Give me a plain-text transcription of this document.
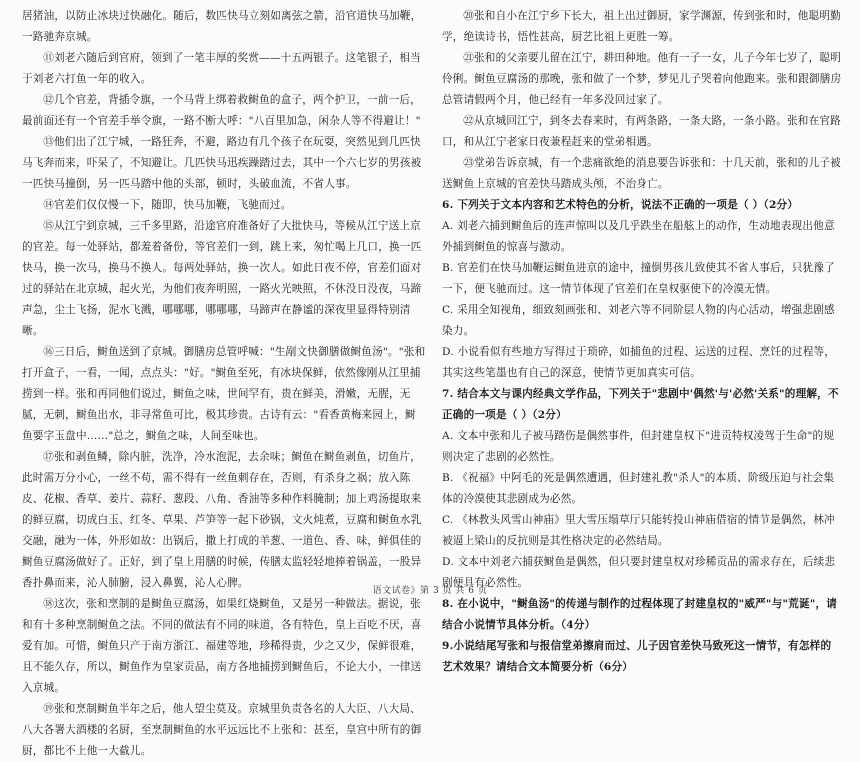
居猪油，以防止冰块过快融化。随后，数匹快马立刻如离弦之箭，沿官道快马加鞭，一路驰奔京城。

⑪刘老六随后到官府，领到了一笔丰厚的奖赏——十五两银子。这笔银子，相当于刘老六打鱼一年的收入。

⑫几个官差，背插令旗，一个马背上绑着救鲥鱼的盒子，两个护卫，一前一后，最前面还有一个官差手举令旗，一路不断大呼："八百里加急，闲杂人等不得避让！"

⑬他们出了江宁城，一路狂奔，不避，路边有几个孩子在玩耍，突然见到几匹快马飞奔而来，吓呆了，不知避让。几匹快马迅疾躁踏过去，其中一个六七岁的男孩被一匹快马撞倒，另一匹马踏中他的头部，顿时，头破血流，不省人事。

⑭官差们仅仅慢一下，随即，快马加鞭，飞驰而过。

⑮从江宁到京城，三千多里路，沿途官府准备好了大批快马，等候从江宁送上京的官差。每一处驿站，都羞着备份，等官差们一到，跳上来，匆忙喝上几口，换一匹快马，换一次马，换马不换人。每两处驿站，换一次人。如此日夜不停，官差们面对过的驿站在北京城，起火光，为他们夜奔明照，一路火光映照，不休没日没夜，马蹄声急，尘土飞扬，泥水飞溅，哪哪哪，哪哪哪，马蹄声在静谧的深夜里显得特别清晰。

⑯三日后，鲥鱼送到了京城。御膳房总管呼喊："生剐文快御膳做鲥鱼汤"。"张和打开盒子，一看，一闻，点点头："好。"鲥鱼至死，有冰块保鲜，依然像刚从江里捕捞到一样。张和再同他们说过，鲥鱼之味，世间罕有，贵在鲜美，滑嫩，无腥，无腻，无刺，鲥鱼出水，非寻常鱼可比，极其珍贵。古诗有云："看香黄梅来园上，鲥鱼要字玉盘中……"总之，鲥鱼之味，人间至味也。

⑰张和剥鱼鳞，除内脏，洗净，冷水泡泥，去余味；鲥鱼在鲥鱼剥鱼，切鱼片，此时需万分小心，一丝不苟，需不得有一丝鱼刺存在，否则，有杀身之祸；放入陈皮、花椒、香草、姜片、蒜籽、葱段、八角、香油等多种作料腌制；加上鸡汤提取来的鲜豆腐，切成白玉、红冬、草果、芦笋等一起下砂锅，文火炖煮，豆腐和鲥鱼水乳交融，融为一体，外形如故：出锅后，撒上打成的羊葱、一道色、香、味，鲜俱佳的鲥鱼豆腐汤做好了。正好，到了皇上用膳的时候，传膳太监轻轻地捧着锅盖，一股异香扑鼻而来，沁人肺腑，浸入鼻翼，沁人心脾。

⑱这次，张和烹制的是鲥鱼豆腐汤，如果红烧鲥鱼，又是另一种做法。据说，张和有十多种烹制鲥鱼之法。不同的做法有不同的味道，各有特色，皇上百吃不厌，喜爱有加。可惜，鲥鱼只产于南方浙江、福建等地，珍稀得贵，少之又少，保鲜很难，且不能久存，所以，鲥鱼作为皇家贡品，南方各地捕捞到鲥鱼后，不论大小，一律送入京城。

⑲张和烹制鲥鱼半年之后，他人望尘莫及。京城里负责各名的人大臣、八大局、八大各署大酒楼的名厨，至烹制鲥鱼的水平远远比不上张和：甚至，皇宫中所有的御厨，都比不上他一大截儿。

⑳张和自小在江宁乡下长大，祖上出过御厨，家学渊源，传到张和时，他聪明勤学，绝读诗书，悟性甚高，厨艺比祖上更胜一筹。

㉑张和的父亲要儿留在江宁，耕田种地。他有一子一女，儿子今年七岁了，聪明伶俐。鲥鱼豆腐汤的那晚，张和做了一个梦，梦见儿子哭着向他跑来。张和跟御膳房总管请假两个月，他已经有一年多没回过家了。

㉒从京城回江宁，到冬去春来时，有两条路，一条大路，一条小路。张和在官路口，和从江宁老家日夜兼程赶来的堂弟相遇。

㉓堂弟告诉京城，有一个悲痛欲绝的消息要告诉张和：十几天前，张和的儿子被送鲥鱼上京城的官差快马踏成头颅，不治身亡。

6. 下列关于文本内容和艺术特色的分析，说法不正确的一项是（ ）（2分）

A. 刘老六捕到鲥鱼后的连声惊叫以及几乎跌坐在船舷上的动作，生动地表现出他意外捕到鲥鱼的惊喜与激动。

B. 官差们在快马加鞭运鲥鱼进京的途中，撞倒男孩儿致使其不省人事后，只犹豫了一下，便飞驰而过。这一情节体现了官差们在皇权驱使下的冷漠无情。

C. 采用全知视角，细致刻画张和、刘老六等不同阶层人物的内心活动，增强悲剧感染力。

D. 小说看似有些地方写得过于琐碎，如捕鱼的过程、运送的过程、烹饪的过程等，其实这些笔墨也有自己的深意，使情节更加真实可信。

7. 结合本文与课内经典文学作品，下列关于"悲剧中'偶然'与'必然'关系"的理解，不正确的一项是（ ）（2分）

A. 文本中张和儿子被马踏伤是偶然事件，但封建皇权下"进贡特权凌驾于生命"的规则决定了悲剧的必然性。

B. 《祝福》中阿毛的死是偶然遭遇，但封建礼教"杀人"的本质、阶级压迫与社会集体的冷漠使其悲剧成为必然。

C. 《林教头风雪山神庙》里大雪压塌草厅只能转投山神庙借宿的情节是偶然，林冲被逼上梁山的反抗则是其性格决定的必然结局。

D. 文本中刘老六捕获鲥鱼是偶然，但只要封建皇权对珍稀贡品的需求存在，后续悲剧便具有必然性。

8. 在小说中，"鲥鱼汤"的传递与制作的过程体现了封建皇权的"威严"与"荒诞"，请结合小说情节具体分析。（4分）

9.小说结尾写张和与报信堂弟擦肩而过、儿子因官差快马致死这一情节，有怎样的艺术效果？请结合文本简要分析（6分）

语文试卷》第 3 页 共 6 页
